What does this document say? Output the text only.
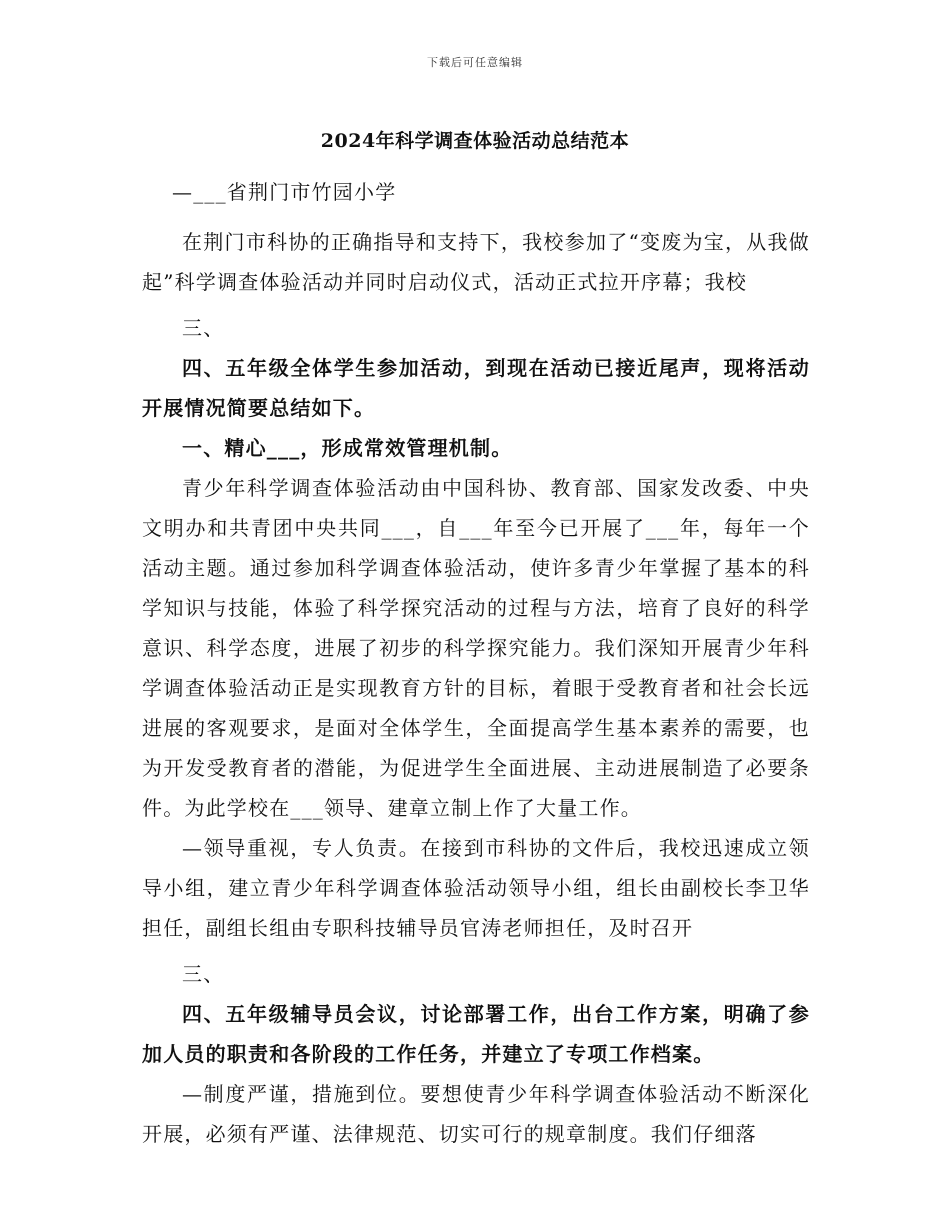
下载后可任意编辑
2024年科学调查体验活动总结范本

—___省荆门市竹园小学

在荆门市科协的正确指导和支持下，我校参加了“变废为宝，从我做起”科学调查体验活动并同时启动仪式，活动正式拉开序幕；我校

三、

四、五年级全体学生参加活动，到现在活动已接近尾声，现将活动开展情况简要总结如下。

一、精心___，形成常效管理机制。

青少年科学调查体验活动由中国科协、教育部、国家发改委、中央文明办和共青团中央共同___，自___年至今已开展了___年，每年一个活动主题。通过参加科学调查体验活动，使许多青少年掌握了基本的科学知识与技能，体验了科学探究活动的过程与方法，培育了良好的科学意识、科学态度，进展了初步的科学探究能力。我们深知开展青少年科学调查体验活动正是实现教育方针的目标，着眼于受教育者和社会长远进展的客观要求，是面对全体学生，全面提高学生基本素养的需要，也为开发受教育者的潜能，为促进学生全面进展、主动进展制造了必要条件。为此学校在___领导、建章立制上作了大量工作。

—领导重视，专人负责。在接到市科协的文件后，我校迅速成立领导小组，建立青少年科学调查体验活动领导小组，组长由副校长李卫华担任，副组长组由专职科技辅导员官涛老师担任，及时召开

三、

四、五年级辅导员会议，讨论部署工作，出台工作方案，明确了参加人员的职责和各阶段的工作任务，并建立了专项工作档案。

—制度严谨，措施到位。要想使青少年科学调查体验活动不断深化开展，必须有严谨、法律规范、切实可行的规章制度。我们仔细落
